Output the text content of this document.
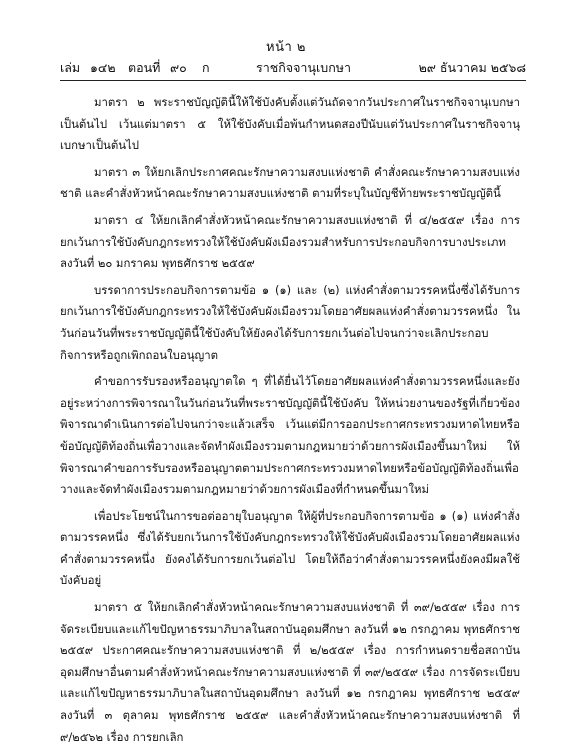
หน้า ๒
เล่ม ๑๔๒ ตอนที่ ๙๐ ก	ราชกิจจานุเบกษา	๒๙ ธันวาคม ๒๕๖๘

มาตรา ๒ พระราชบัญญัตินี้ให้ใช้บังคับตั้งแต่วันถัดจากวันประกาศในราชกิจจานุเบกษาเป็นต้นไป เว้นแต่มาตรา ๕ ให้ใช้บังคับเมื่อพ้นกำหนดสองปีนับแต่วันประกาศในราชกิจจานุเบกษาเป็นต้นไป

มาตรา ๓ ให้ยกเลิกประกาศคณะรักษาความสงบแห่งชาติ คำสั่งคณะรักษาความสงบแห่งชาติ และคำสั่งหัวหน้าคณะรักษาความสงบแห่งชาติ ตามที่ระบุในบัญชีท้ายพระราชบัญญัตินี้

มาตรา ๔ ให้ยกเลิกคำสั่งหัวหน้าคณะรักษาความสงบแห่งชาติ ที่ ๔/๒๕๕๙ เรื่อง การยกเว้นการใช้บังคับกฎกระทรวงให้ใช้บังคับผังเมืองรวมสำหรับการประกอบกิจการบางประเภท ลงวันที่ ๒๐ มกราคม พุทธศักราช ๒๕๕๙

บรรดาการประกอบกิจการตามข้อ ๑ (๑) และ (๒) แห่งคำสั่งตามวรรคหนึ่งซึ่งได้รับการยกเว้นการใช้บังคับกฎกระทรวงให้ใช้บังคับผังเมืองรวมโดยอาศัยผลแห่งคำสั่งตามวรรคหนึ่ง ในวันก่อนวันที่พระราชบัญญัตินี้ใช้บังคับให้ยังคงได้รับการยกเว้นต่อไปจนกว่าจะเลิกประกอบกิจการหรือถูกเพิกถอนใบอนุญาต

คำขอการรับรองหรืออนุญาตใด ๆ ที่ได้ยื่นไว้โดยอาศัยผลแห่งคำสั่งตามวรรคหนึ่งและยังอยู่ระหว่างการพิจารณาในวันก่อนวันที่พระราชบัญญัตินี้ใช้บังคับ ให้หน่วยงานของรัฐที่เกี่ยวข้องพิจารณาดำเนินการต่อไปจนกว่าจะแล้วเสร็จ เว้นแต่มีการออกประกาศกระทรวงมหาดไทยหรือข้อบัญญัติท้องถิ่นเพื่อวางและจัดทำผังเมืองรวมตามกฎหมายว่าด้วยการผังเมืองขึ้นมาใหม่ ให้พิจารณาคำขอการรับรองหรืออนุญาตตามประกาศกระทรวงมหาดไทยหรือข้อบัญญัติท้องถิ่นเพื่อวางและจัดทำผังเมืองรวมตามกฎหมายว่าด้วยการผังเมืองที่กำหนดขึ้นมาใหม่

เพื่อประโยชน์ในการขอต่ออายุใบอนุญาต ให้ผู้ที่ประกอบกิจการตามข้อ ๑ (๑) แห่งคำสั่งตามวรรคหนึ่ง ซึ่งได้รับยกเว้นการใช้บังคับกฎกระทรวงให้ใช้บังคับผังเมืองรวมโดยอาศัยผลแห่งคำสั่งตามวรรคหนึ่ง ยังคงได้รับการยกเว้นต่อไป โดยให้ถือว่าคำสั่งตามวรรคหนึ่งยังคงมีผลใช้บังคับอยู่

มาตรา ๕ ให้ยกเลิกคำสั่งหัวหน้าคณะรักษาความสงบแห่งชาติ ที่ ๓๙/๒๕๕๙ เรื่อง การจัดระเบียบและแก้ไขปัญหาธรรมาภิบาลในสถาบันอุดมศึกษา ลงวันที่ ๑๒ กรกฎาคม พุทธศักราช ๒๕๕๙ ประกาศคณะรักษาความสงบแห่งชาติ ที่ ๒/๒๕๕๙ เรื่อง การกำหนดรายชื่อสถาบันอุดมศึกษาอื่นตามคำสั่งหัวหน้าคณะรักษาความสงบแห่งชาติ ที่ ๓๙/๒๕๕๙ เรื่อง การจัดระเบียบและแก้ไขปัญหาธรรมาภิบาลในสถาบันอุดมศึกษา ลงวันที่ ๑๒ กรกฎาคม พุทธศักราช ๒๕๕๙ ลงวันที่ ๓ ตุลาคม พุทธศักราช ๒๕๕๙ และคำสั่งหัวหน้าคณะรักษาความสงบแห่งชาติ ที่ ๙/๒๕๖๒ เรื่อง การยกเลิก
